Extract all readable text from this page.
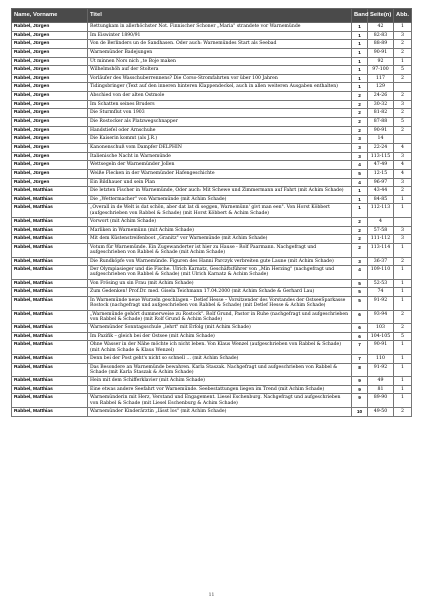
Name, Vorname	Titel	Band	Seite(n)	Abb.
Rabbel, Jürgen	Rettungkam in allerhöchster Not. Finnischer Schoner „Maria" strandete vor Warnemünde	1	42	1
Rabbel, Jürgen	Im Eiswinter 1890/91	1	82-83	3
Rabbel, Jürgen	Von de Berlinders un de Sandhasen. Oder auch: Warnemündes Start als Seebad	1	88-89	2
Rabbel, Jürgen	Warnemünder Badejungen	1	90-91	2
Rabbel, Jürgen	Ut minnen Nors nich „te Boje maken	1	92	1
Rabbel, Jürgen	Wilhelmshöh auf der Stoltera	1	97-100	5
Rabbel, Jürgen	Vorläufer des Wasschuberrennens? Die Corso-Stromfahrten vor über 100 Jahren	1	117	2
Rabbel, Jürgen	Tidingsbringer (Text auf den inneren hinteren Klappendeckel, auch in allen weiteren Ausgaben enthalten)	1	129	
Rabbel, Jürgen	Abschied von der alten Ostmole	2	24-26	2
Rabbel, Jürgen	Im Schatten seines Bruders	2	30-32	3
Rabbel, Jürgen	Die Sturmflut von 1903	2	81-82	2
Rabbel, Jürgen	Die Rostocker als Platzwegschnapper	2	87-88	5
Rabbel, Jürgen	Handstiefel oder Arnschuhe	2	90-91	2
Rabbel, Jürgen	Die Kaiserin kommt (als J.R.)	3	14	
Rabbel, Jürgen	Kanonenschuß vom Dampfer DELPHIN	3	22-24	4
Rabbel, Jürgen	Italienische Nacht in Warnemünde	3	113-115	3
Rabbel, Jürgen	Wettsegeln der Warnemünder Jollen	4	47-49	4
Rabbel, Jürgen	Weiße Flecken in der Warnemünder Hafengeschichte	5	12-15	4
Rabbel, Jürgen	Ein Bildhauer und sein Plan	4	96-97	3
Rabbel, Matthias	Die letzten Fischer in Warnemünde, Oder auch: Mit Schewe und Zimmermann auf Fahrt (mit Achim Schade)	1	43-44	2
Rabbel, Matthias	Die „Wettermacher" von Warnemünde (mit Achim Schade)	1	84-85	1
Rabbel, Matthias	„Overall in de Welt is dat schön, aber dat lat di seggen, Warnemünn' givt man een". Von Horst Köbbert (aufgeschrieben von Rabbel & Schade) (mit Horst Köbbert & Achim Schade)	1	112-113	1
Rabbel, Matthias	Vorwort (mit Achim Schade)	2	4	
Rabbel, Matthias	Marliken in Warnemünn (mit Achim Schade)	2	57-58	3
Rabbel, Matthias	Mit dem Küstenstreifenboot „Granitz" vor Warnemünde (mit Achim Schade)	2	111-112	3
Rabbel, Matthias	Votum für Warnemünde. Ein Zugewanderter ist hier zu Hause - Rolf Paarmann. Nachgefragt und aufgeschrieben von Rabbel & Schade (mit Achim Schade)	2	113-114	1
Rabbel, Matthias	Die Rundköpfe von Warnemünde. Figuren des Hanni Parczyk verbreiten gute Laune (mit Achim Schade)	3	36-37	2
Rabbel, Matthias	Der Olympiasieger und die Fische. Ulrich Karnatz, Geschäftsführer von „Min Herzing" (nachgefragt und aufgeschrieben von Rabbel & Schade) (mit Ulrich Karnatz & Achim Schade)	4	109-110	1
Rabbel, Matthias	Von Frösing un sin Frau (mit Achim Schade)	5	52-53	1
Rabbel, Matthias	Zum Gedenken! Prof.Dr. med. Gisela Teichmann 17.04.2000 (mit Achim Schade & Gerhard Lau)	5	74	1
Rabbel, Matthias	In Warnemünde neue Wurzeln geschlagen – Detlef Hesse – Vorsitzender des Vorstandes der OstseeSparkasse Rostock (nachgefragt und aufgeschrieben von Rabbel & Schade) (mit Detlef Hesse & Achim Schade)	5	91-92	1
Rabbel, Matthias	„Warnemünde gehört dummerweise zu Rostock". Rolf Grund, Pastor in Ruhe (nachgefragt und aufgeschrieben von Rabbel & Schade) (mit Rolf Grund & Achim Schade)	6	93-94	2
Rabbel, Matthias	Warnemünder Sonntagsschule „lehrt" mit Erfolg (mit Achim Schade)	6	103	2
Rabbel, Matthias	Im Pazifik – gleich bei der Ostsee (mit Achim Schade)	6	104-105	5
Rabbel, Matthias	Ohne Wasser in der Nähe möchte ich nicht leben. Von Klaus Wenzel (aufgeschrieben von Rabbel & Schade) (mit Achim Schade & Klaus Wenzel)	7	90-91	1
Rabbel, Matthias	Denn bei der Post geht's nicht so schnell … (mit Achim Schade)	7	110	1
Rabbel, Matthias	Das Besondere an Warnemünde bewahren. Karla Staszak. Nachgefragt und aufgeschrieben von Rabbel & Schade (mit Karla Staszak & Achim Schade)	8	91-92	1
Rabbel, Matthias	Hein mit dem Schifferklavier (mit Achim Schade)	9	49	1
Rabbel, Matthias	Eine etwas andere Seefahrt vor Warnemünde. Seebestattungen liegen im Trend (mit Achim Schade)	9	81	1
Rabbel, Matthias	Warnemünderin mit Herz, Verstand und Engagement. Liesel Eschenburg. Nachgefragt und aufgeschrieben von Rabbel & Schade (mit Liesel Eschenburg & Achim Schade)	9	89-90	1
Rabbel, Matthias	Warnemünder Kinderärztin „Iässt los" (mit Achim Schade)	10	49-50	2
11
